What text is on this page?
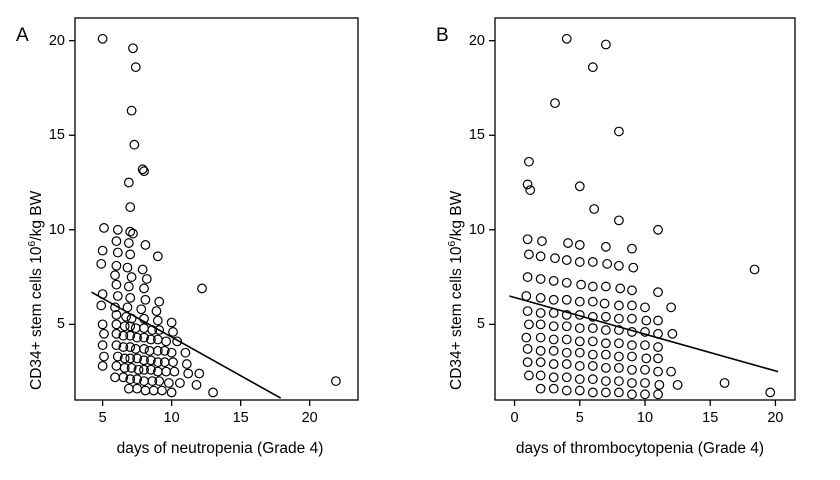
A
days of neutropenia (Grade 4)
CD34+ stem cells $10^6/kg$ BW
5	10	15	20
5
10
15
20	B
days of thrombocytopenia (Grade 4)
CD34+ stem cells $10^6/kg$ BW
0	5	10	15	20
5
10
15
20
